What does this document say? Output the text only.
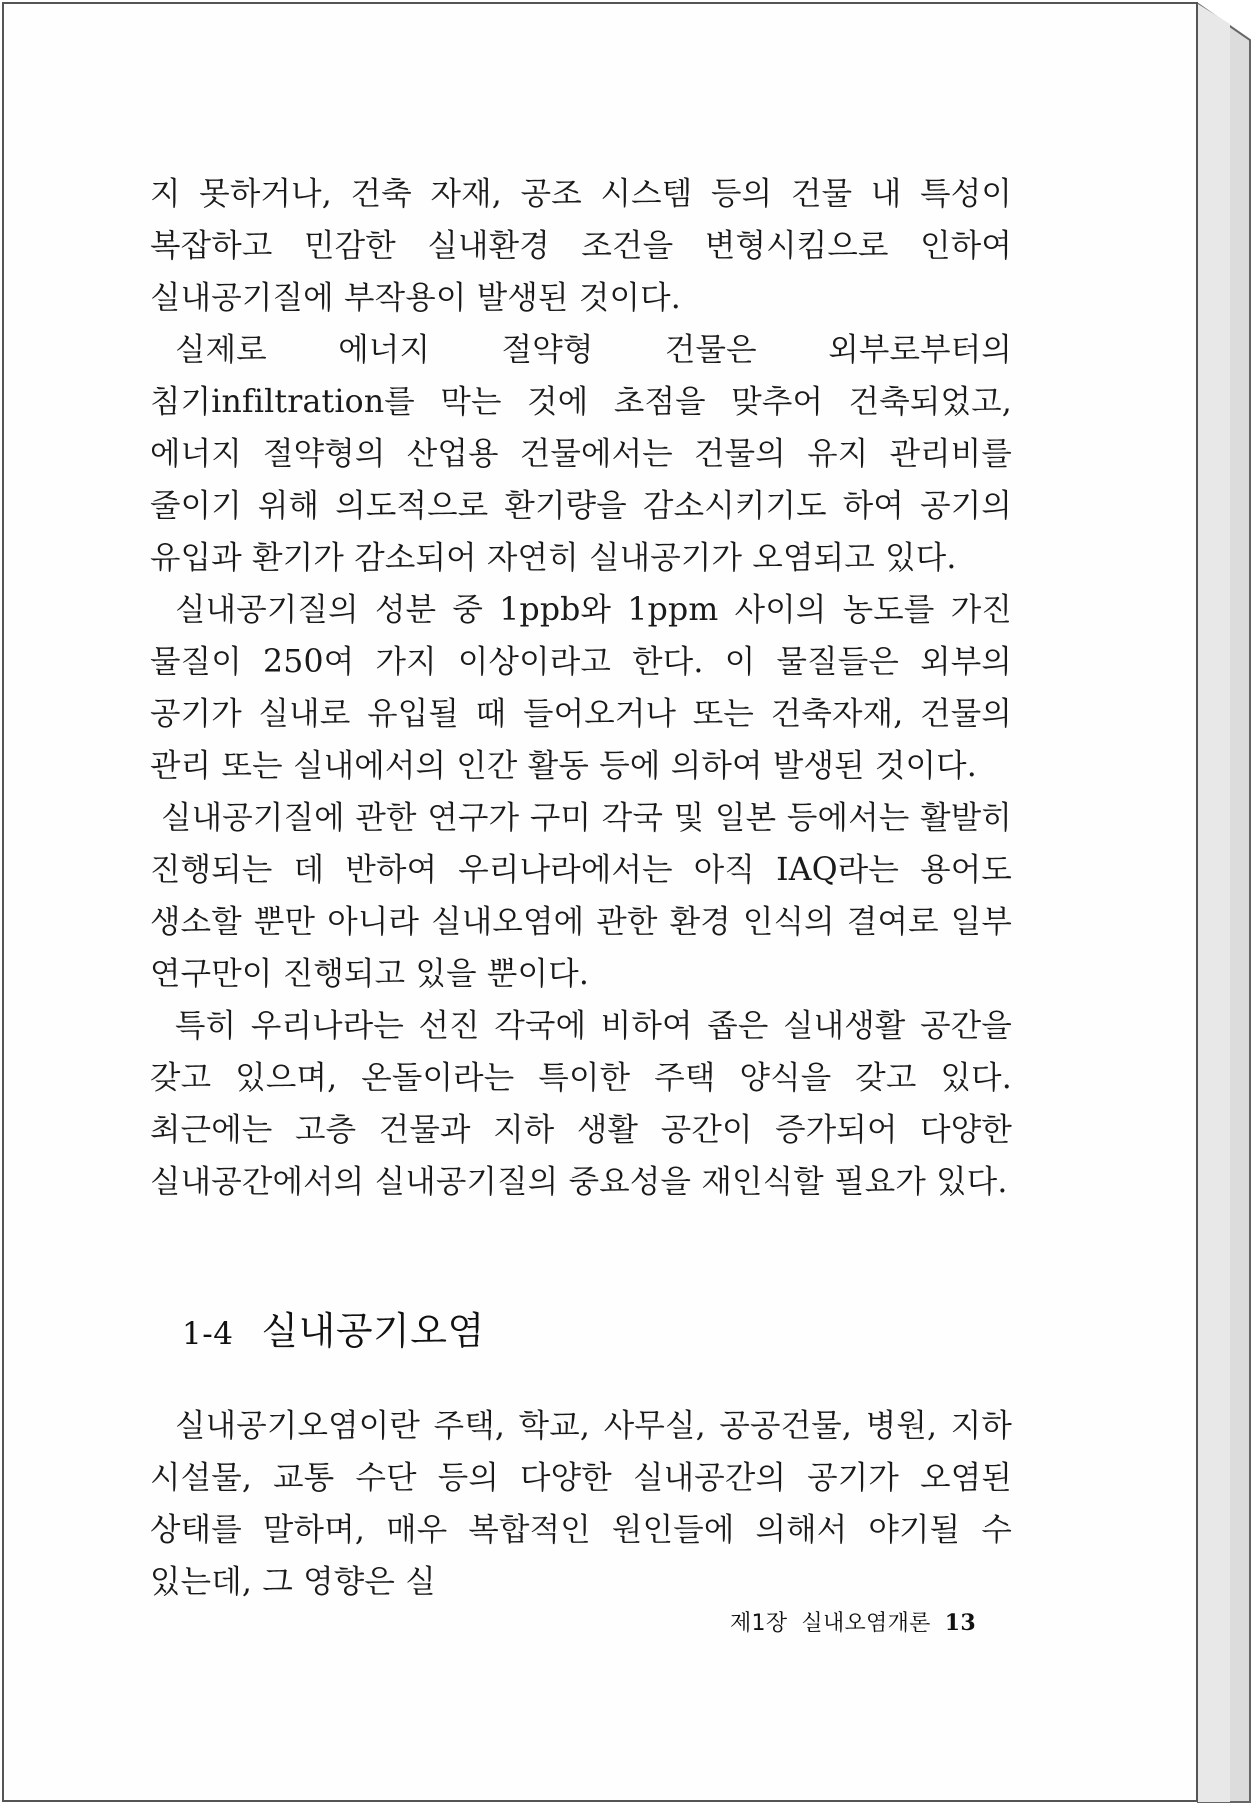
지 못하거나, 건축 자재, 공조 시스템 등의 건물 내 특성이 복잡하고 민감한 실내환경 조건을 변형시킴으로 인하여 실내공기질에 부작용이 발생된 것이다.

실제로 에너지 절약형 건물은 외부로부터의 침기infiltration를 막는 것에 초점을 맞추어 건축되었고, 에너지 절약형의 산업용 건물에서는 건물의 유지 관리비를 줄이기 위해 의도적으로 환기량을 감소시키기도 하여 공기의 유입과 환기가 감소되어 자연히 실내공기가 오염되고 있다.

실내공기질의 성분 중 1ppb와 1ppm 사이의 농도를 가진 물질이 250여 가지 이상이라고 한다. 이 물질들은 외부의 공기가 실내로 유입될 때 들어오거나 또는 건축자재, 건물의 관리 또는 실내에서의 인간 활동 등에 의하여 발생된 것이다.

실내공기질에 관한 연구가 구미 각국 및 일본 등에서는 활발히 진행되는 데 반하여 우리나라에서는 아직 IAQ라는 용어도 생소할 뿐만 아니라 실내오염에 관한 환경 인식의 결여로 일부 연구만이 진행되고 있을 뿐이다.

특히 우리나라는 선진 각국에 비하여 좁은 실내생활 공간을 갖고 있으며, 온돌이라는 특이한 주택 양식을 갖고 있다. 최근에는 고층 건물과 지하 생활 공간이 증가되어 다양한 실내공간에서의 실내공기질의 중요성을 재인식할 필요가 있다.

1-4 실내공기오염

실내공기오염이란 주택, 학교, 사무실, 공공건물, 병원, 지하 시설물, 교통 수단 등의 다양한 실내공간의 공기가 오염된 상태를 말하며, 매우 복합적인 원인들에 의해서 야기될 수 있는데, 그 영향은 실

제1장 실내오염개론 13
